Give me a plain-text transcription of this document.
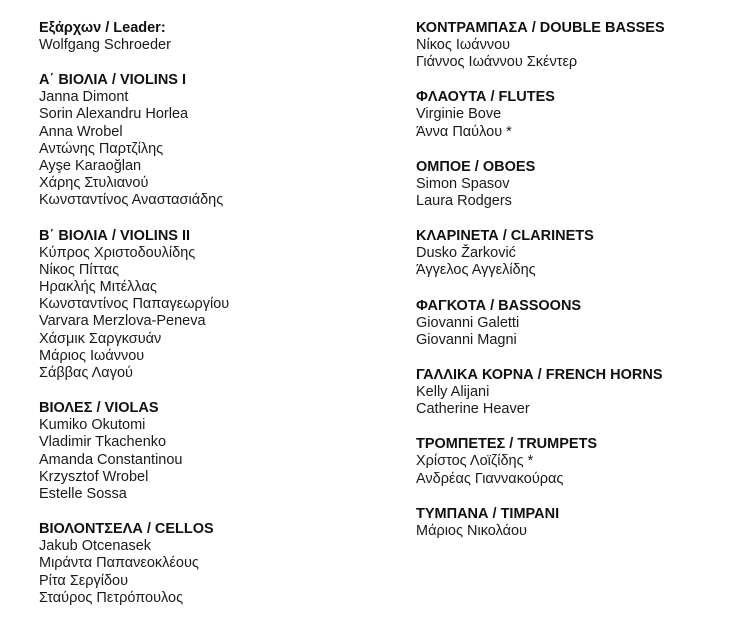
Εξάρχων / Leader:
Wolfgang Schroeder
Α΄ ΒΙΟΛΙΑ / VIOLINS I
Janna Dimont
Sorin Alexandru Horlea
Anna Wrobel
Αντώνης Παρτζίλης
Ayşe Karaoğlan
Χάρης Στυλιανού
Κωνσταντίνος Αναστασιάδης
Β΄ ΒΙΟΛΙΑ / VIOLINS II
Κύπρος Χριστοδουλίδης
Νίκος Πίττας
Ηρακλής Μιτέλλας
Κωνσταντίνος Παπαγεωργίου
Varvara Merzlova-Peneva
Χάσμικ Σαργκσυάν
Μάριος Ιωάννου
Σάββας Λαγού
ΒΙΟΛΕΣ / VIOLAS
Kumiko Okutomi
Vladimir Tkachenko
Amanda Constantinou
Krzysztof Wrobel
Estelle Sossa
ΒΙΟΛΟΝΤΣΕΛΑ / CELLOS
Jakub Otcenasek
Μιράντα Παπανεοκλέους
Ρίτα Σεργίδου
Σταύρος Πετρόπουλος
ΚΟΝΤΡΑΜΠΑΣΑ / DOUBLE BASSES
Νίκος Ιωάννου
Γιάννος Ιωάννου Σκέντερ
ΦΛΑΟΥΤΑ / FLUTES
Virginie Bove
Άννα Παύλου *
ΟΜΠΟΕ / OBOES
Simon Spasov
Laura Rodgers
ΚΛΑΡΙΝΕΤΑ / CLARINETS
Dusko Žarković
Άγγελος Αγγελίδης
ΦΑΓΚΟΤΑ / BASSOONS
Giovanni Galetti
Giovanni Magni
ΓΑΛΛΙΚΑ ΚΟΡΝΑ / FRENCH HORNS
Kelly Alijani
Catherine Heaver
ΤΡΟΜΠΕΤΕΣ / TRUMPETS
Χρίστος Λοϊζίδης *
Ανδρέας Γιαννακούρας
ΤΥΜΠΑΝΑ / TIMPANI
Μάριος Νικολάου
